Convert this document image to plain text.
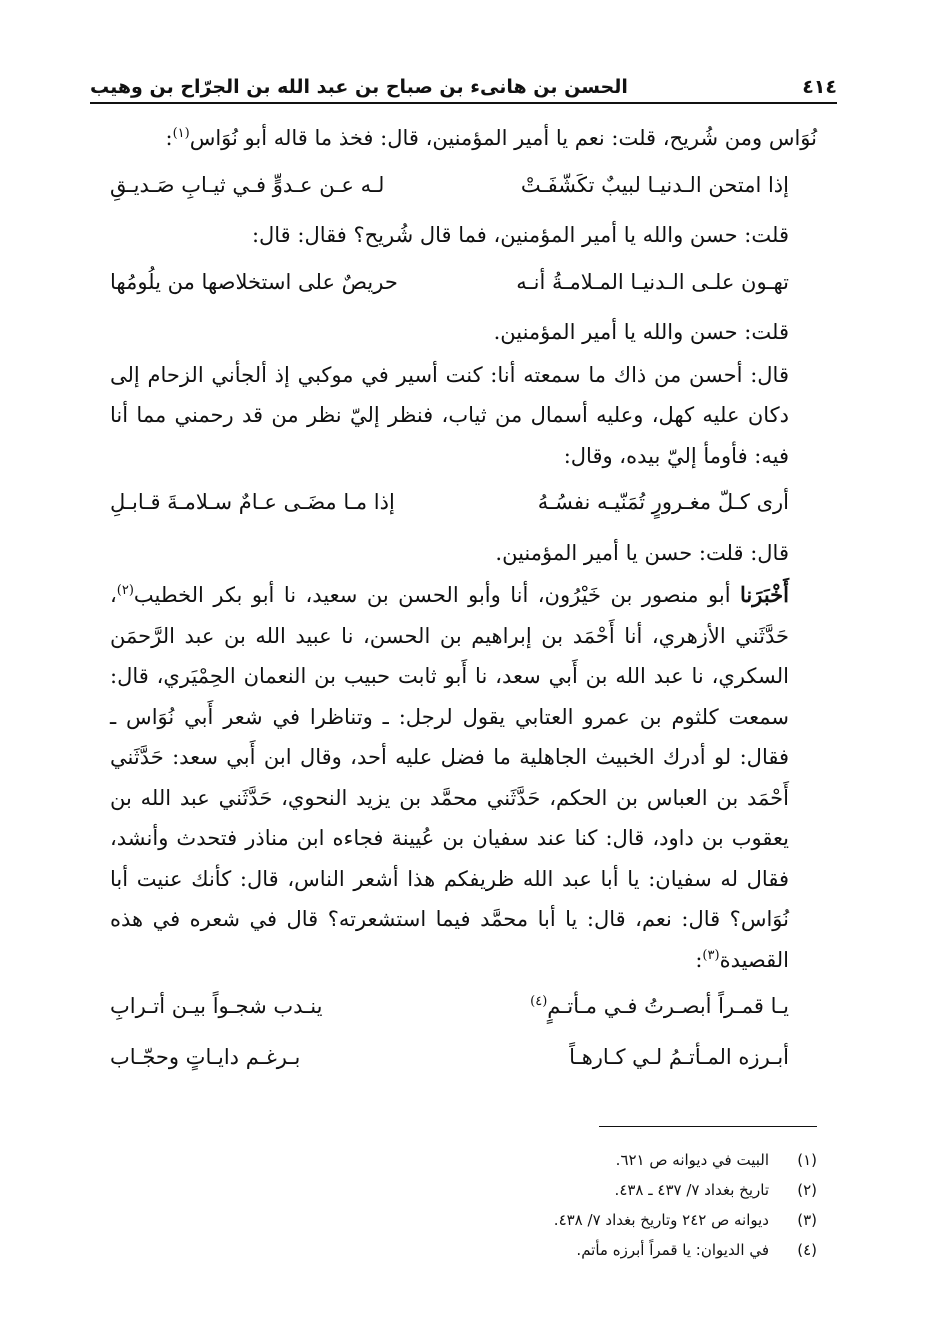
٤١٤
الحسن بن هانىء بن صباح بن عبد الله بن الجرّاح بن وهيب

نُوَاس ومن شُريح، قلت: نعم يا أمير المؤمنين، قال: فخذ ما قاله أبو نُوَاس$^{(١)}$:

إذا امتحن الـدنيـا لبيبٌ تكَشّفَـتْ
لـه عـن عـدوٍّ فـي ثيـابِ صَـديـقِ

قلت: حسن والله يا أمير المؤمنين، فما قال شُريح؟ فقال: قال:

تهـون علـى الـدنيـا المـلامـةُ أنـه
حريصٌ على استخلاصها من يلُومُها

قلت: حسن والله يا أمير المؤمنين.

قال: أحسن من ذاك ما سمعته أنا: كنت أسير في موكبي إذ ألجأني الزحام إلى دكان عليه كهل، وعليه أسمال من ثياب، فنظر إليّ نظر من قد رحمني مما أنا فيه: فأومأ إليّ بيده، وقال:

أرى كـلّ مغـرورٍ تُمَنّيـه نفسُـهُ
إذا مـا مضَـى عـامٌ سـلامـةَ قـابـلِ

قال: قلت: حسن يا أمير المؤمنين.

أَخْبَرَنا أبو منصور بن خَيْرُون، أنا وأبو الحسن بن سعيد، نا أبو بكر الخطيب$^{(٢)}$، حَدَّثَني الأزهري، أنا أَحْمَد بن إبراهيم بن الحسن، نا عبيد الله بن عبد الرَّحمَن السكري، نا عبد الله بن أَبي سعد، نا أَبو ثابت حبيب بن النعمان الحِمْيَري، قال: سمعت كلثوم بن عمرو العتابي يقول لرجل: ـ وتناظرا في شعر أَبي نُوَاس ـ فقال: لو أدرك الخبيث الجاهلية ما فضل عليه أحد، وقال ابن أَبي سعد: حَدَّثَني أَحْمَد بن العباس بن الحكم، حَدَّثَني محمَّد بن يزيد النحوي، حَدَّثَني عبد الله بن يعقوب بن داود، قال: كنا عند سفيان بن عُيينة فجاءه ابن مناذر فتحدث وأنشد، فقال له سفيان: يا أبا عبد الله ظريفكم هذا أشعر الناس، قال: كأنك عنيت أبا نُوَاس؟ قال: نعم، قال: يا أبا محمَّد فيما استشعرته؟ قال في شعره في هذه القصيدة$^{(٣)}$:

يـا قمـراً أبصـرتُ فـي مـأتـمٍ$^{(٤)}$
ينـدب شجـواً بيـن أتـرابِ
أبـرزه المـأتـمُ لـي كـارهـاً
بـرغـم دايـاتٍ وحجّـاب
(١)
البيت في ديوانه ص ٦٢١.
(٢)
تاريخ بغداد ٧/ ٤٣٧ ـ ٤٣٨.
(٣)
ديوانه ص ٢٤٢ وتاريخ بغداد ٧/ ٤٣٨.
(٤)
في الديوان: يا قمراً أبرزه مأتم.
